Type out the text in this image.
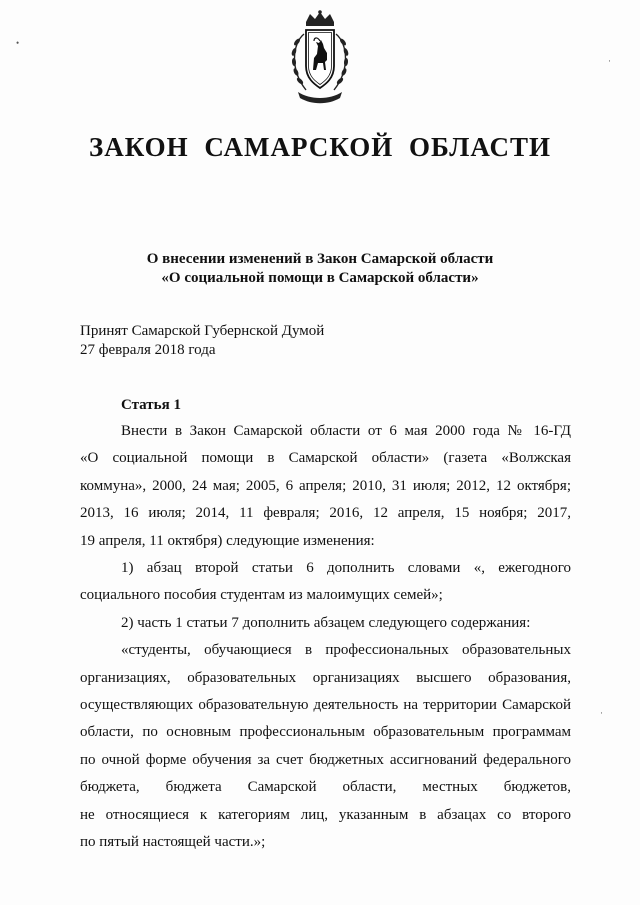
ЗАКОН САМАРСКОЙ ОБЛАСТИ
О внесении изменений в Закон Самарской области
«О социальной помощи в Самарской области»
Принят Самарской Губернской Думой
27 февраля 2018 года
Статья 1

Внести в Закон Самарской области от 6 мая 2000 года № 16-ГД

«О социальной помощи в Самарской области» (газета «Волжская

коммуна», 2000, 24 мая; 2005, 6 апреля; 2010, 31 июля; 2012, 12 октября;

2013, 16 июля; 2014, 11 февраля; 2016, 12 апреля, 15 ноября; 2017,

19 апреля, 11 октября) следующие изменения:

1) абзац второй статьи 6 дополнить словами «, ежегодного

социального пособия студентам из малоимущих семей»;

2) часть 1 статьи 7 дополнить абзацем следующего содержания:

«студенты, обучающиеся в профессиональных образовательных

организациях, образовательных организациях высшего образования,

осуществляющих образовательную деятельность на территории Самарской

области, по основным профессиональным образовательным программам

по очной форме обучения за счет бюджетных ассигнований федерального

бюджета, бюджета Самарской области, местных бюджетов,

не относящиеся к категориям лиц, указанным в абзацах со второго

по пятый настоящей части.»;

•
·
·
